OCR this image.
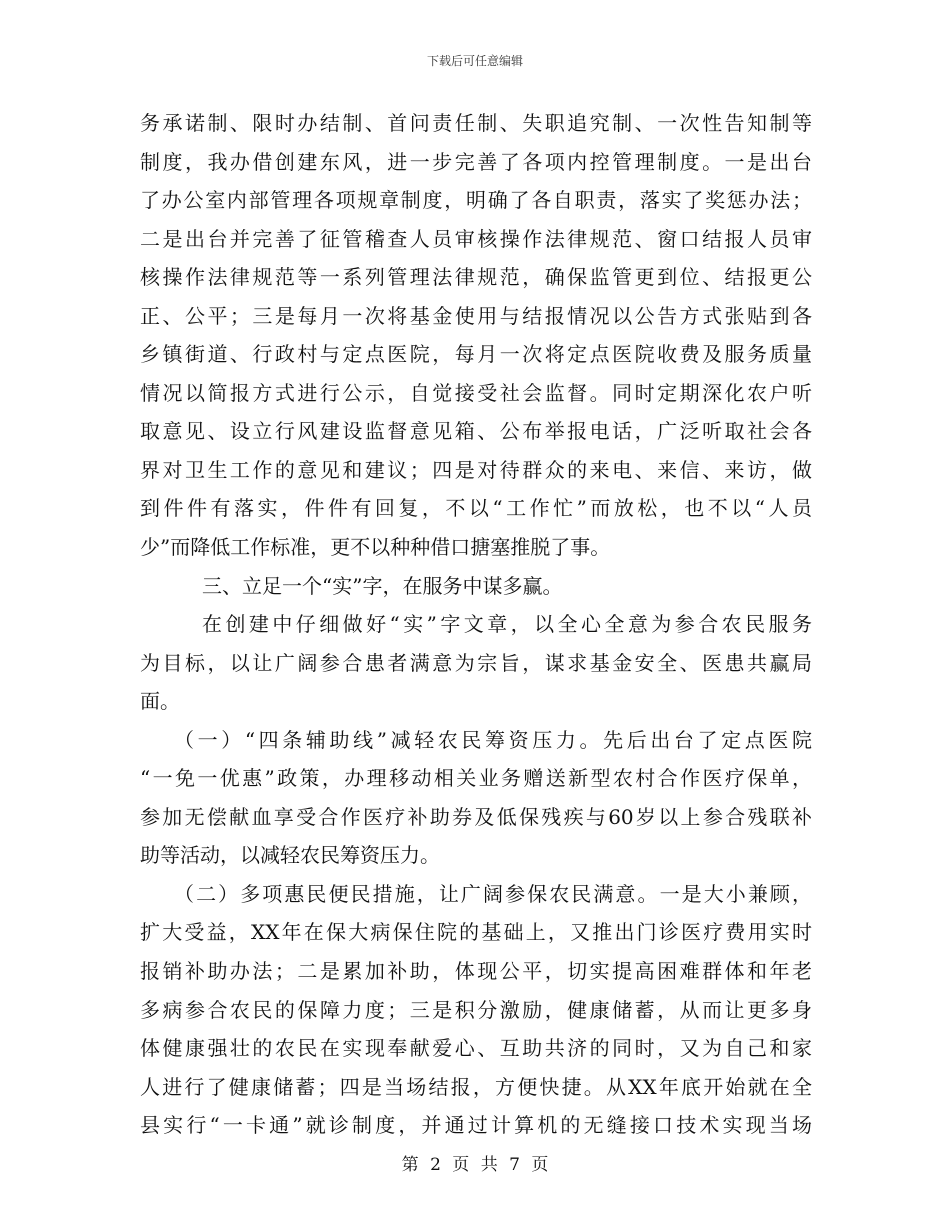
下载后可任意编辑
务承诺制、限时办结制、首问责任制、失职追究制、一次性告知制等
制度，我办借创建东风，进一步完善了各项内控管理制度。一是出台
了办公室内部管理各项规章制度，明确了各自职责，落实了奖惩办法；
二是出台并完善了征管稽查人员审核操作法律规范、窗口结报人员审
核操作法律规范等一系列管理法律规范，确保监管更到位、结报更公
正、公平；三是每月一次将基金使用与结报情况以公告方式张贴到各
乡镇街道、行政村与定点医院，每月一次将定点医院收费及服务质量
情况以简报方式进行公示，自觉接受社会监督。同时定期深化农户听
取意见、设立行风建设监督意见箱、公布举报电话，广泛听取社会各
界对卫生工作的意见和建议；四是对待群众的来电、来信、来访，做
到件件有落实，件件有回复，不以“工作忙”而放松，也不以“人员
少”而降低工作标准，更不以种种借口搪塞推脱了事。
三、立足一个“实”字，在服务中谋多赢。
在创建中仔细做好“实”字文章，以全心全意为参合农民服务
为目标，以让广阔参合患者满意为宗旨，谋求基金安全、医患共赢局
面。
（一）“四条辅助线”减轻农民筹资压力。先后出台了定点医院
“一免一优惠”政策，办理移动相关业务赠送新型农村合作医疗保单，
参加无偿献血享受合作医疗补助券及低保残疾与60岁以上参合残联补
助等活动，以减轻农民筹资压力。
（二）多项惠民便民措施，让广阔参保农民满意。一是大小兼顾，
扩大受益，XX年在保大病保住院的基础上，又推出门诊医疗费用实时
报销补助办法；二是累加补助，体现公平，切实提高困难群体和年老
多病参合农民的保障力度；三是积分激励，健康储蓄，从而让更多身
体健康强壮的农民在实现奉献爱心、互助共济的同时，又为自己和家
人进行了健康储蓄；四是当场结报，方便快捷。从XX年底开始就在全
县实行“一卡通”就诊制度，并通过计算机的无缝接口技术实现当场
第 2 页 共 7 页
